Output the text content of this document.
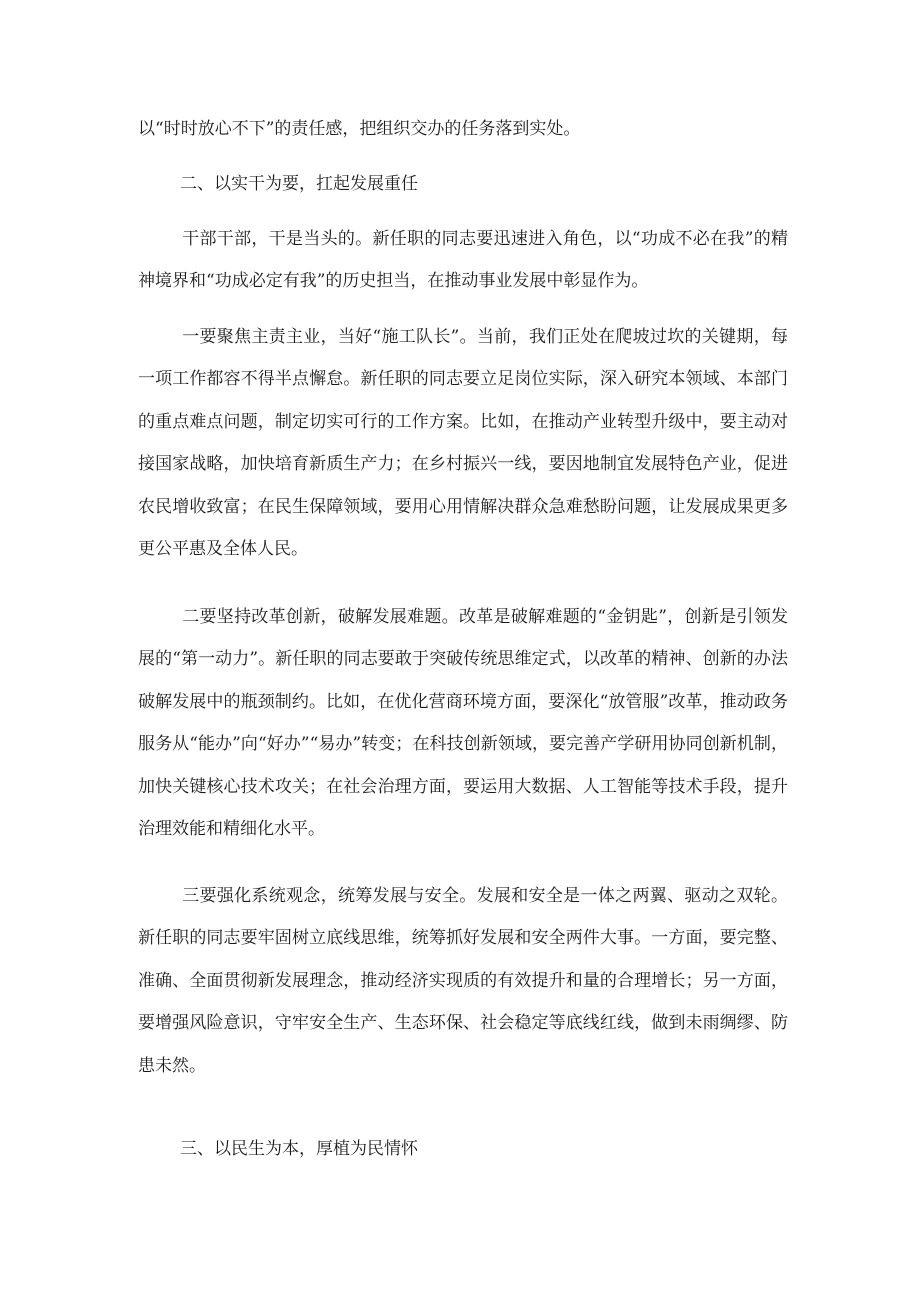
以“时时放心不下”的责任感，把组织交办的任务落到实处。

二、以实干为要，扛起发展重任

干部干部，干是当头的。新任职的同志要迅速进入角色，以“功成不必在我”的精神境界和“功成必定有我”的历史担当，在推动事业发展中彰显作为。

一要聚焦主责主业，当好“施工队长”。当前，我们正处在爬坡过坎的关键期，每一项工作都容不得半点懈怠。新任职的同志要立足岗位实际，深入研究本领域、本部门的重点难点问题，制定切实可行的工作方案。比如，在推动产业转型升级中，要主动对接国家战略，加快培育新质生产力；在乡村振兴一线，要因地制宜发展特色产业，促进农民增收致富；在民生保障领域，要用心用情解决群众急难愁盼问题，让发展成果更多更公平惠及全体人民。

二要坚持改革创新，破解发展难题。改革是破解难题的“金钥匙”，创新是引领发展的“第一动力”。新任职的同志要敢于突破传统思维定式，以改革的精神、创新的办法破解发展中的瓶颈制约。比如，在优化营商环境方面，要深化“放管服”改革，推动政务服务从“能办”向“好办”“易办”转变；在科技创新领域，要完善产学研用协同创新机制，加快关键核心技术攻关；在社会治理方面，要运用大数据、人工智能等技术手段，提升治理效能和精细化水平。

三要强化系统观念，统筹发展与安全。发展和安全是一体之两翼、驱动之双轮。新任职的同志要牢固树立底线思维，统筹抓好发展和安全两件大事。一方面，要完整、准确、全面贯彻新发展理念，推动经济实现质的有效提升和量的合理增长；另一方面，要增强风险意识，守牢安全生产、生态环保、社会稳定等底线红线，做到未雨绸缪、防患未然。

三、以民生为本，厚植为民情怀
